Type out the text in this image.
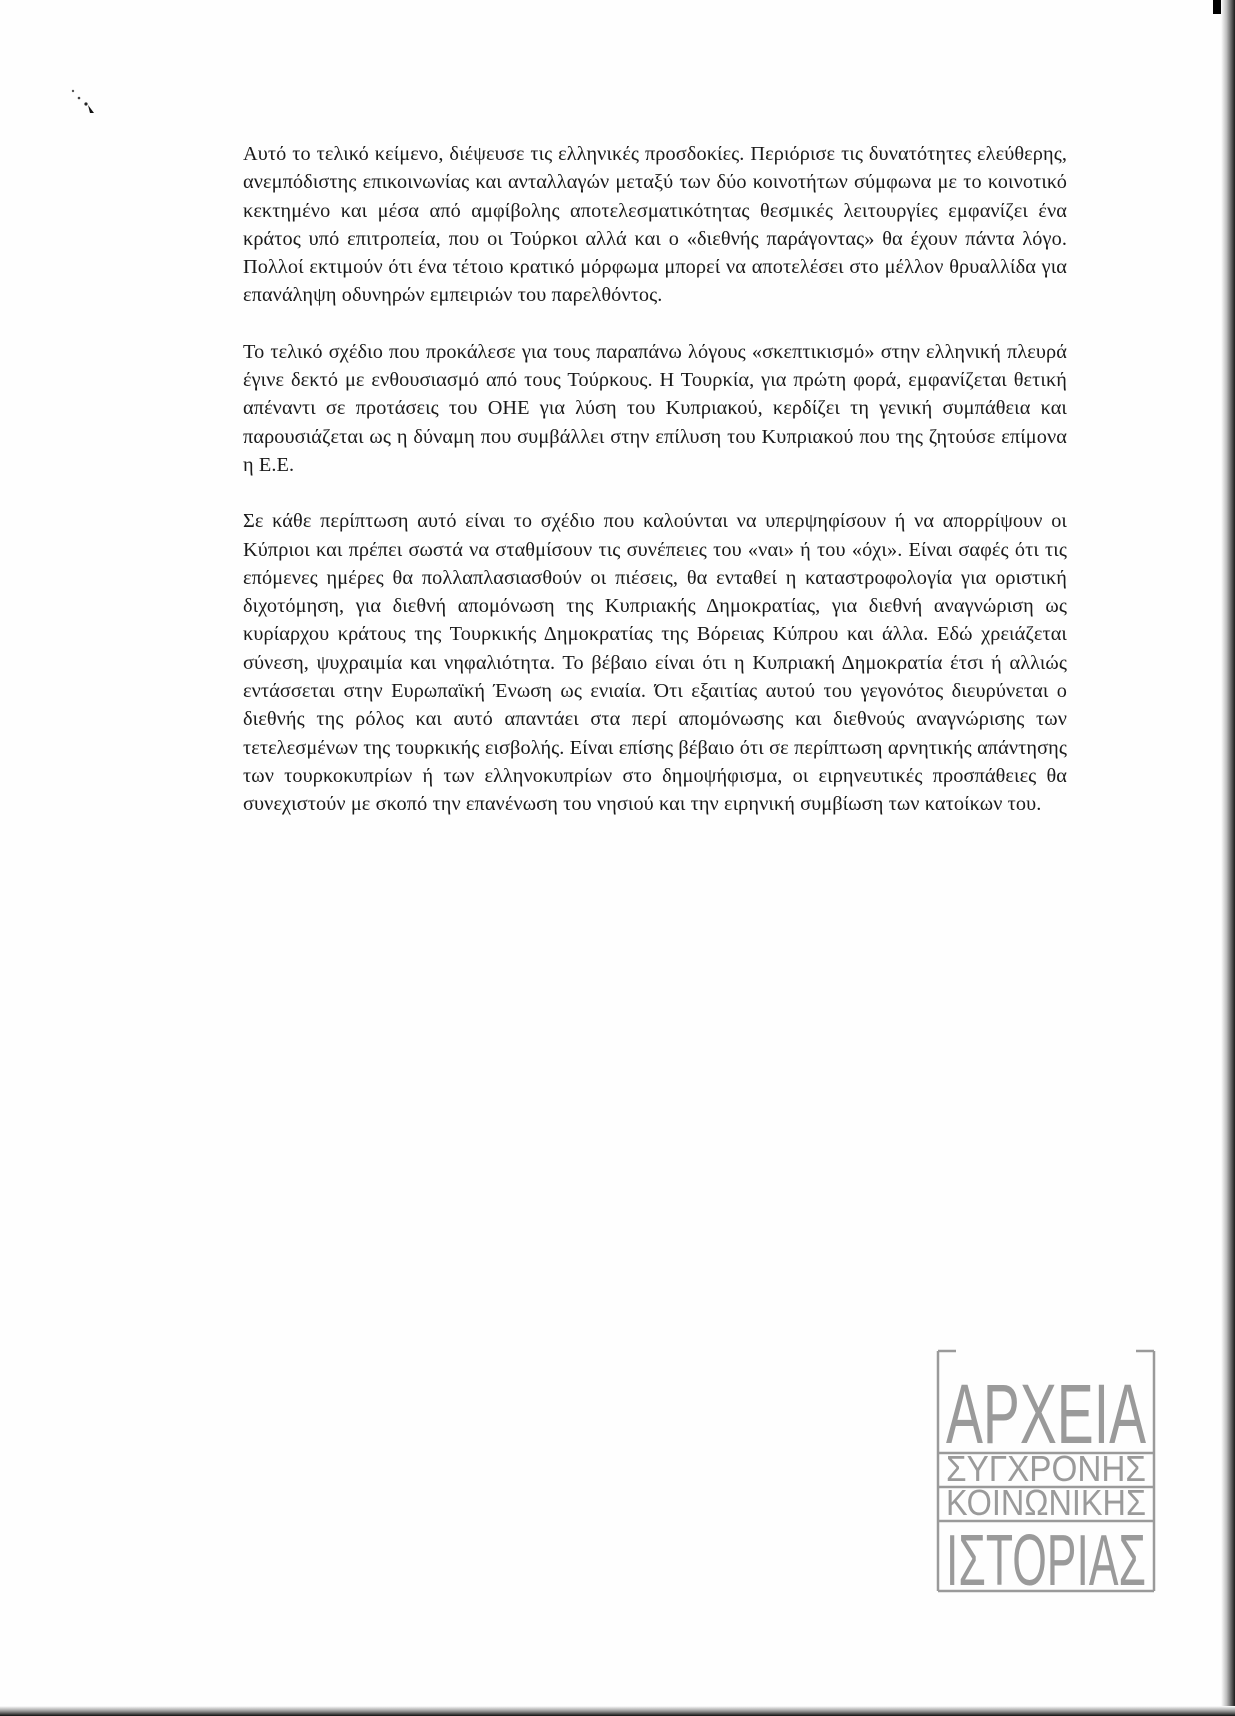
Αυτό το τελικό κείμενο, διέψευσε τις ελληνικές προσδοκίες. Περιόρισε τις δυνατότητες ελεύθερης, ανεμπόδιστης επικοινωνίας και ανταλλαγών μεταξύ των δύο κοινοτήτων σύμφωνα με το κοινοτικό κεκτημένο και μέσα από αμφίβολης αποτελεσματικότητας θεσμικές λειτουργίες εμφανίζει ένα κράτος υπό επιτροπεία, που οι Τούρκοι αλλά και ο «διεθνής παράγοντας» θα έχουν πάντα λόγο. Πολλοί εκτιμούν ότι ένα τέτοιο κρατικό μόρφωμα μπορεί να αποτελέσει στο μέλλον θρυαλλίδα για επανάληψη οδυνηρών εμπειριών του παρελθόντος.

Το τελικό σχέδιο που προκάλεσε για τους παραπάνω λόγους «σκεπτικισμό» στην ελληνική πλευρά έγινε δεκτό με ενθουσιασμό από τους Τούρκους. Η Τουρκία, για πρώτη φορά, εμφανίζεται θετική απέναντι σε προτάσεις του ΟΗΕ για λύση του Κυπριακού, κερδίζει τη γενική συμπάθεια και παρουσιάζεται ως η δύναμη που συμβάλλει στην επίλυση του Κυπριακού που της ζητούσε επίμονα η Ε.Ε.

Σε κάθε περίπτωση αυτό είναι το σχέδιο που καλούνται να υπερψηφίσουν ή να απορρίψουν οι Κύπριοι και πρέπει σωστά να σταθμίσουν τις συνέπειες του «ναι» ή του «όχι». Είναι σαφές ότι τις επόμενες ημέρες θα πολλαπλασιασθούν οι πιέσεις, θα ενταθεί η καταστροφολογία για οριστική διχοτόμηση, για διεθνή απομόνωση της Κυπριακής Δημοκρατίας, για διεθνή αναγνώριση ως κυρίαρχου κράτους της Τουρκικής Δημοκρατίας της Βόρειας Κύπρου και άλλα. Εδώ χρειάζεται σύνεση, ψυχραιμία και νηφαλιότητα. Το βέβαιο είναι ότι η Κυπριακή Δημοκρατία έτσι ή αλλιώς εντάσσεται στην Ευρωπαϊκή Ένωση ως ενιαία. Ότι εξαιτίας αυτού του γεγονότος διευρύνεται ο διεθνής της ρόλος και αυτό απαντάει στα περί απομόνωσης και διεθνούς αναγνώρισης των τετελεσμένων της τουρκικής εισβολής. Είναι επίσης βέβαιο ότι σε περίπτωση αρνητικής απάντησης των τουρκοκυπρίων ή των ελληνοκυπρίων στο δημοψήφισμα, οι ειρηνευτικές προσπάθειες θα συνεχιστούν με σκοπό την επανένωση του νησιού και την ειρηνική συμβίωση των κατοίκων του.

ΑΡΧΕΙΑ
ΣΥΓΧΡΟΝΗΣ
ΚΟΙΝΩΝΙΚΗΣ
ΙΣΤΟΡΙΑΣ
